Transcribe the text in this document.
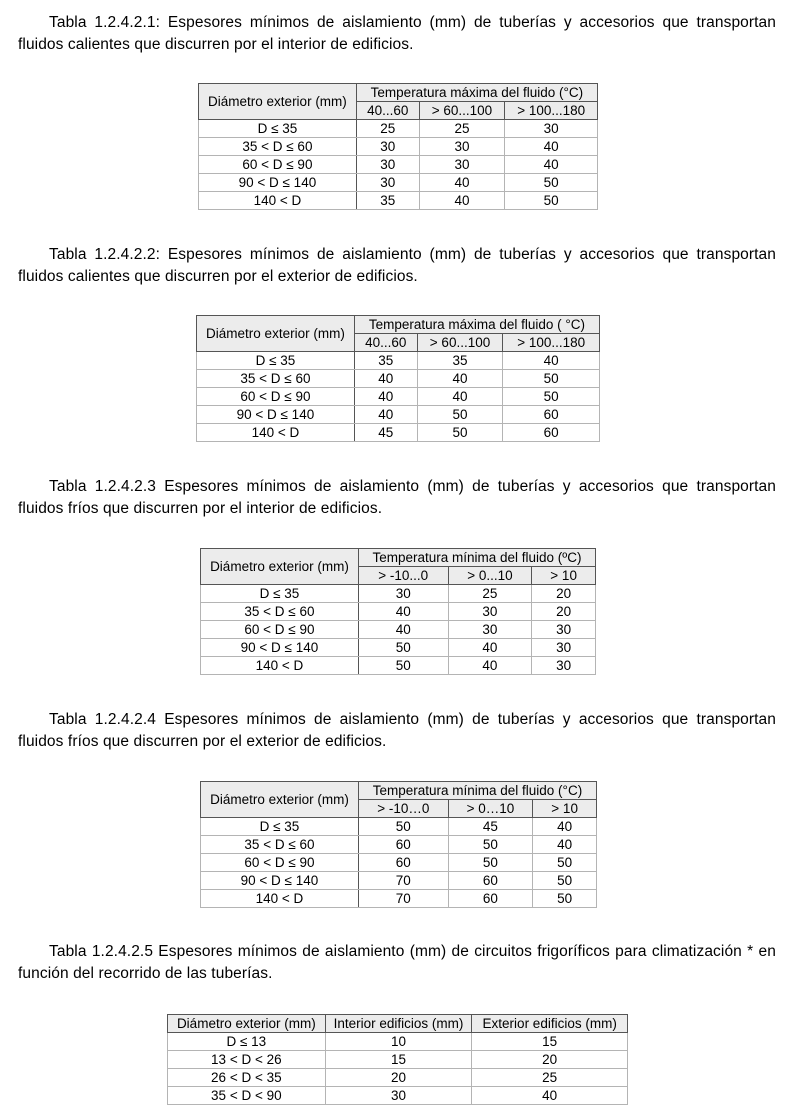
Tabla 1.2.4.2.1: Espesores mínimos de aislamiento (mm) de tuberías y accesorios que transportan fluidos calientes que discurren por el interior de edificios.

Diámetro exterior (mm)	Temperatura máxima del fluido (°C)		
	40...60	> 60...100	> 100...180
D ≤ 35	25	25	30
35 < D ≤ 60	30	30	40
60 < D ≤ 90	30	30	40
90 < D ≤ 140	30	40	50
140 < D	35	40	50

Tabla 1.2.4.2.2: Espesores mínimos de aislamiento (mm) de tuberías y accesorios que transportan fluidos calientes que discurren por el exterior de edificios.

Diámetro exterior (mm)	Temperatura máxima del fluido ( °C)		
	40...60	> 60...100	> 100...180
D ≤ 35	35	35	40
35 < D ≤ 60	40	40	50
60 < D ≤ 90	40	40	50
90 < D ≤ 140	40	50	60
140 < D	45	50	60

Tabla 1.2.4.2.3 Espesores mínimos de aislamiento (mm) de tuberías y accesorios que transportan fluidos fríos que discurren por el interior de edificios.

Diámetro exterior (mm)	Temperatura mínima del fluido (ºC)		
	> -10...0	> 0...10	> 10
D ≤ 35	30	25	20
35 < D ≤ 60	40	30	20
60 < D ≤ 90	40	30	30
90 < D ≤ 140	50	40	30
140 < D	50	40	30

Tabla 1.2.4.2.4 Espesores mínimos de aislamiento (mm) de tuberías y accesorios que transportan fluidos fríos que discurren por el exterior de edificios.

Diámetro exterior (mm)	Temperatura mínima del fluido (°C)		
	> -10…0	> 0…10	> 10
D ≤ 35	50	45	40
35 < D ≤ 60	60	50	40
60 < D ≤ 90	60	50	50
90 < D ≤ 140	70	60	50
140 < D	70	60	50

Tabla 1.2.4.2.5 Espesores mínimos de aislamiento (mm) de circuitos frigoríficos para climatización * en función del recorrido de las tuberías.

Diámetro exterior (mm)	Interior edificios (mm)	Exterior edificios (mm)
D ≤ 13	10	15
13 < D < 26	15	20
26 < D < 35	20	25
35 < D < 90	30	40
